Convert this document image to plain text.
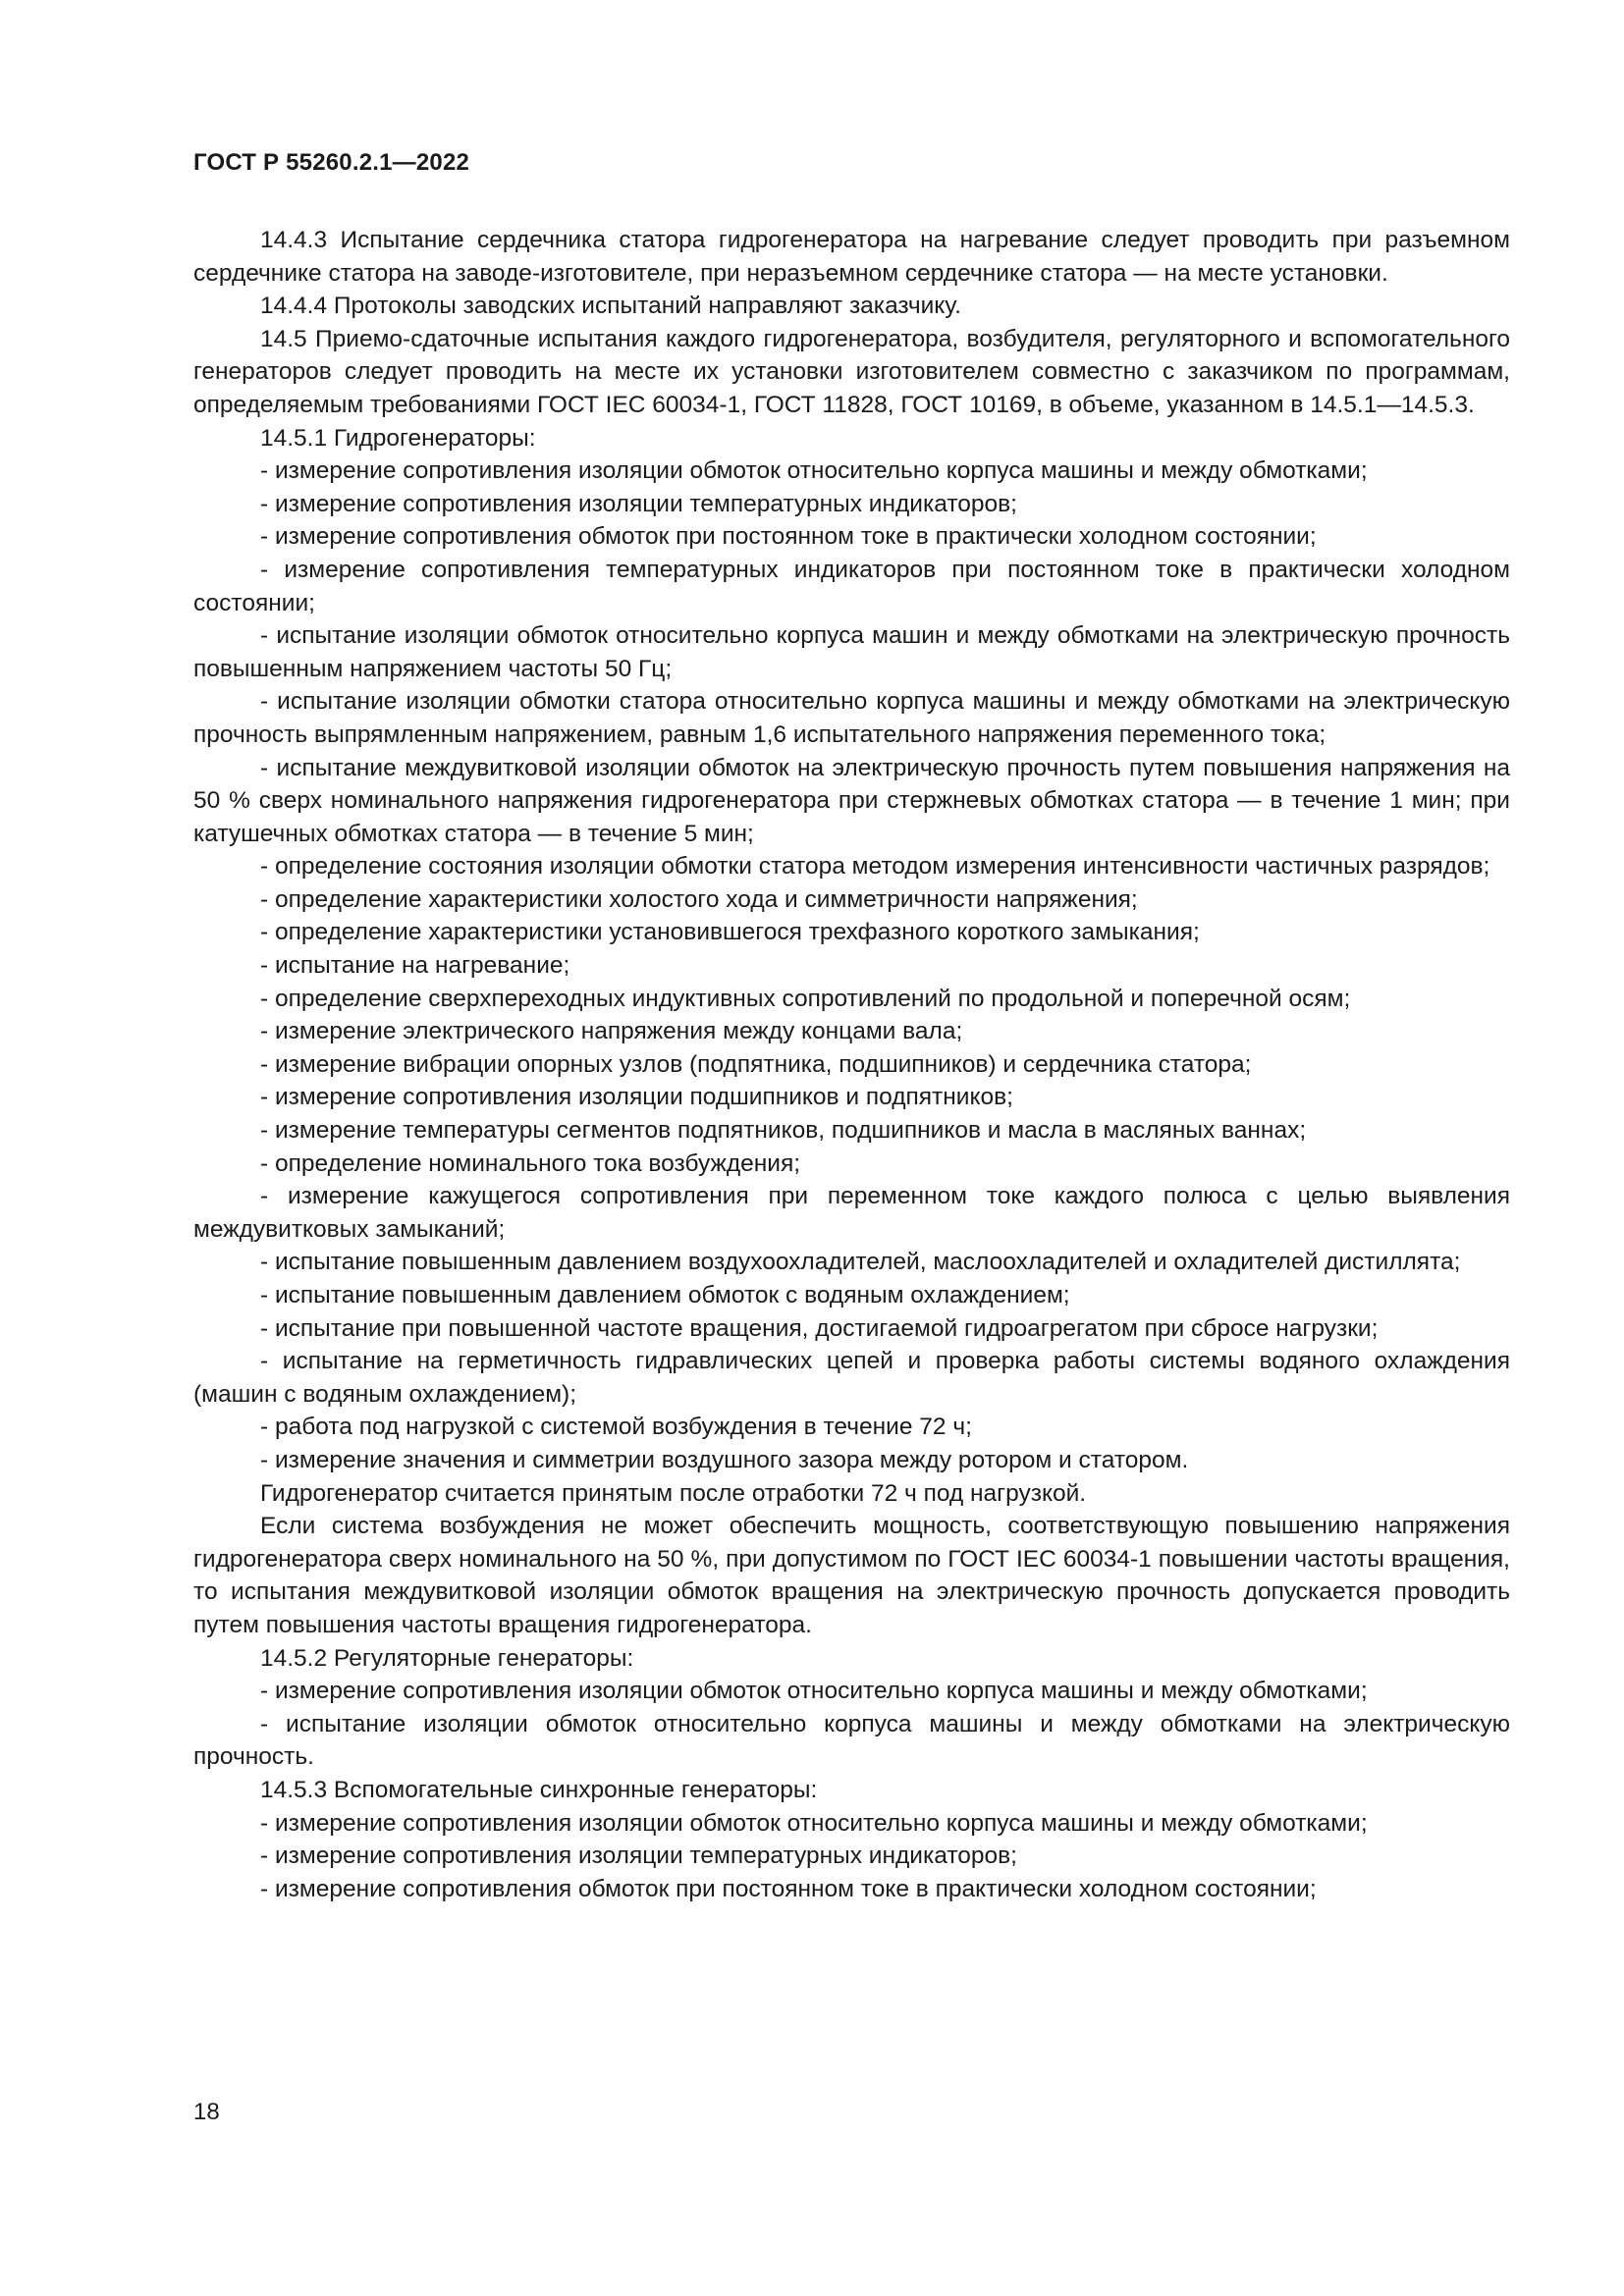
ГОСТ Р 55260.2.1—2022

14.4.3 Испытание сердечника статора гидрогенератора на нагревание следует проводить при разъемном сердечнике статора на заводе-изготовителе, при неразъемном сердечнике статора — на месте установки.

14.4.4 Протоколы заводских испытаний направляют заказчику.

14.5 Приемо-сдаточные испытания каждого гидрогенератора, возбудителя, регуляторного и вспомогательного генераторов следует проводить на месте их установки изготовителем совместно с заказчиком по программам, определяемым требованиями ГОСТ IEC 60034-1, ГОСТ 11828, ГОСТ 10169, в объеме, указанном в 14.5.1—14.5.3.

14.5.1 Гидрогенераторы:

- измерение сопротивления изоляции обмоток относительно корпуса машины и между обмотками;

- измерение сопротивления изоляции температурных индикаторов;

- измерение сопротивления обмоток при постоянном токе в практически холодном состоянии;

- измерение сопротивления температурных индикаторов при постоянном токе в практически холодном состоянии;

- испытание изоляции обмоток относительно корпуса машин и между обмотками на электрическую прочность повышенным напряжением частоты 50 Гц;

- испытание изоляции обмотки статора относительно корпуса машины и между обмотками на электрическую прочность выпрямленным напряжением, равным 1,6 испытательного напряжения переменного тока;

- испытание междувитковой изоляции обмоток на электрическую прочность путем повышения напряжения на 50 % сверх номинального напряжения гидрогенератора при стержневых обмотках статора — в течение 1 мин; при катушечных обмотках статора — в течение 5 мин;

- определение состояния изоляции обмотки статора методом измерения интенсивности частичных разрядов;

- определение характеристики холостого хода и симметричности напряжения;

- определение характеристики установившегося трехфазного короткого замыкания;

- испытание на нагревание;

- определение сверхпереходных индуктивных сопротивлений по продольной и поперечной осям;

- измерение электрического напряжения между концами вала;

- измерение вибрации опорных узлов (подпятника, подшипников) и сердечника статора;

- измерение сопротивления изоляции подшипников и подпятников;

- измерение температуры сегментов подпятников, подшипников и масла в масляных ваннах;

- определение номинального тока возбуждения;

- измерение кажущегося сопротивления при переменном токе каждого полюса с целью выявления междувитковых замыканий;

- испытание повышенным давлением воздухоохладителей, маслоохладителей и охладителей дистиллята;

- испытание повышенным давлением обмоток с водяным охлаждением;

- испытание при повышенной частоте вращения, достигаемой гидроагрегатом при сбросе нагрузки;

- испытание на герметичность гидравлических цепей и проверка работы системы водяного охлаждения (машин с водяным охлаждением);

- работа под нагрузкой с системой возбуждения в течение 72 ч;

- измерение значения и симметрии воздушного зазора между ротором и статором.

Гидрогенератор считается принятым после отработки 72 ч под нагрузкой.

Если система возбуждения не может обеспечить мощность, соответствующую повышению напряжения гидрогенератора сверх номинального на 50 %, при допустимом по ГОСТ IEC 60034-1 повышении частоты вращения, то испытания междувитковой изоляции обмоток вращения на электрическую прочность допускается проводить путем повышения частоты вращения гидрогенератора.

14.5.2 Регуляторные генераторы:

- измерение сопротивления изоляции обмоток относительно корпуса машины и между обмотками;

- испытание изоляции обмоток относительно корпуса машины и между обмотками на электрическую прочность.

14.5.3 Вспомогательные синхронные генераторы:

- измерение сопротивления изоляции обмоток относительно корпуса машины и между обмотками;

- измерение сопротивления изоляции температурных индикаторов;

- измерение сопротивления обмоток при постоянном токе в практически холодном состоянии;

18
